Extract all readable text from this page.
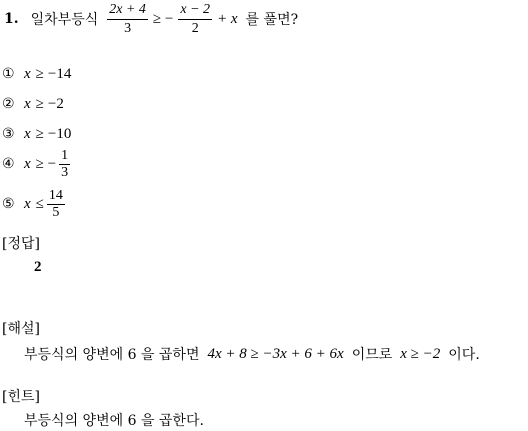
1. 일차부등식 $\frac{2x + 4}{3}$ ≥ − $\frac{x - 2}{2} + x$ 를 풀면?
① x ≥ −14
② x ≥ −2
③ x ≥ −10
④ x ≥ − $\frac{1}{3}$
⑤ $x \le \frac{14}{5}$
[정답]
2
[해설]
부등식의 양변에 6 을 곱하면 4x + 8 ≥ −3x + 6 + 6x 이므로 x ≥ −2 이다.
[힌트]
부등식의 양변에 6 을 곱한다.
